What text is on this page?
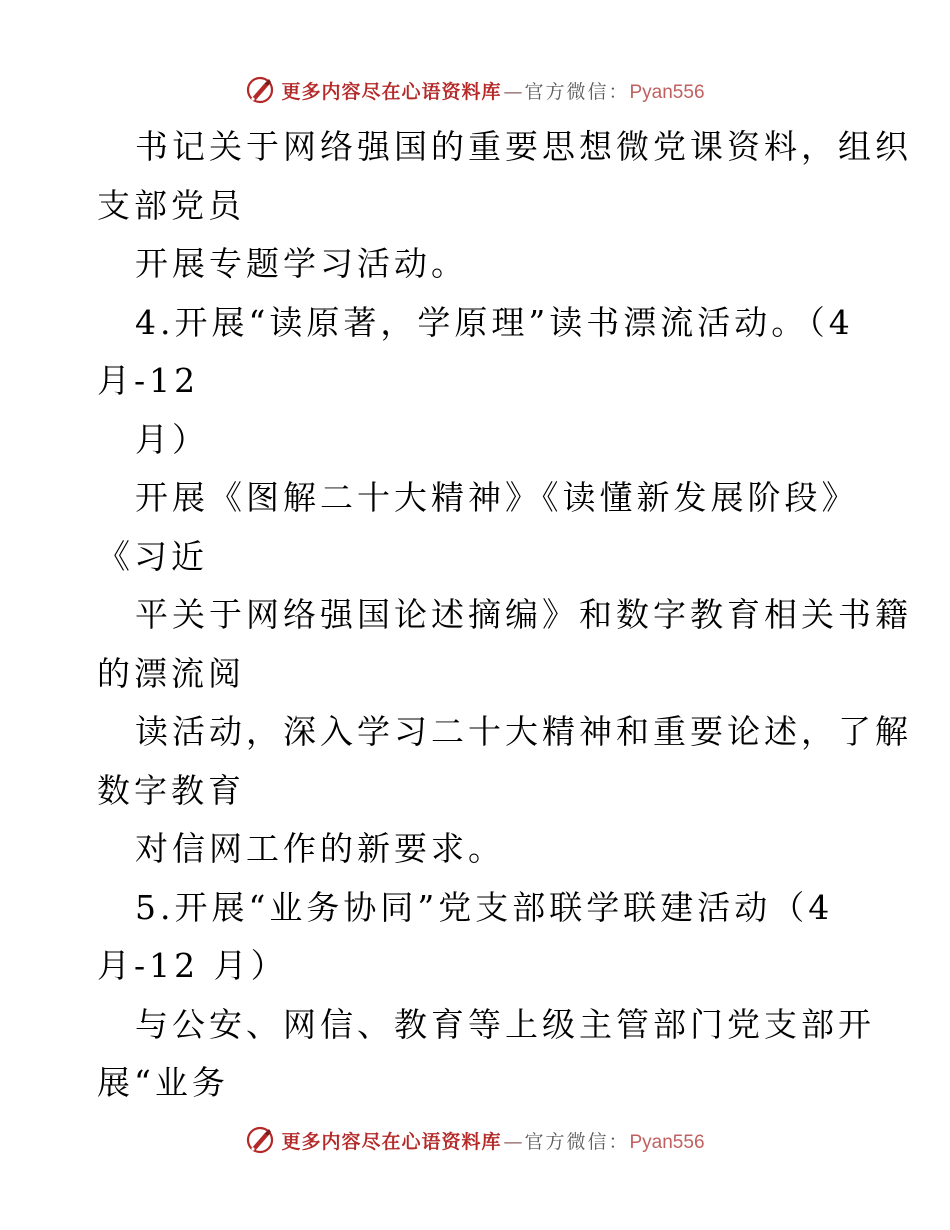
更多内容尽在心语资料库 — 官方微信： Pyan556
书记关于网络强国的重要思想微党课资料，组织
支部党员
开展专题学习活动。
4.开展“读原著，学原理”读书漂流活动。（4
月-12
月）
开展《图解二十大精神》《读懂新发展阶段》
《习近
平关于网络强国论述摘编》和数字教育相关书籍
的漂流阅
读活动，深入学习二十大精神和重要论述，了解
数字教育
对信网工作的新要求。
5.开展“业务协同”党支部联学联建活动（4
月-12 月）
与公安、网信、教育等上级主管部门党支部开
展“业务
更多内容尽在心语资料库 — 官方微信： Pyan556
